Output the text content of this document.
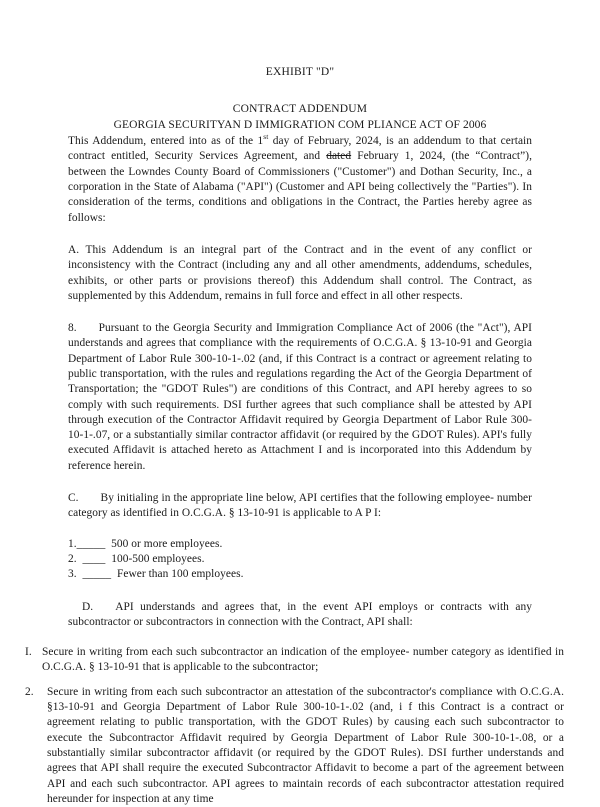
EXHIBIT "D"
CONTRACT ADDENDUM
GEORGIA SECURITYAN D IMMIGRATION COM PLIANCE ACT OF 2006

This Addendum, entered into as of the 1st day of February, 2024, is an addendum to that certain contract entitled, Security Services Agreement, and dated February 1, 2024, (the “Contract”), between the Lowndes County Board of Commissioners ("Customer") and Dothan Security, Inc., a corporation in the State of Alabama ("API") (Customer and API being collectively the "Parties"). In consideration of the terms, conditions and obligations in the Contract, the Parties hereby agree as follows:

A. This Addendum is an integral part of the Contract and in the event of any conflict or inconsistency with the Contract (including any and all other amendments, addendums, schedules, exhibits, or other parts or provisions thereof) this Addendum shall control. The Contract, as supplemented by this Addendum, remains in full force and effect in all other respects.

8. Pursuant to the Georgia Security and Immigration Compliance Act of 2006 (the "Act"), API understands and agrees that compliance with the requirements of O.C.G.A. § 13-10-91 and Georgia Department of Labor Rule 300-10-1-.02 (and, if this Contract is a contract or agreement relating to public transportation, with the rules and regulations regarding the Act of the Georgia Department of Transportation; the "GDOT Rules") are conditions of this Contract, and API hereby agrees to so comply with such requirements. DSI further agrees that such compliance shall be attested by API through execution of the Contractor Affidavit required by Georgia Department of Labor Rule 300-10-1-.07, or a substantially similar contractor affidavit (or required by the GDOT Rules). API's fully executed Affidavit is attached hereto as Attachment I and is incorporated into this Addendum by reference herein.

C. By initialing in the appropriate line below, API certifies that the following employee- number category as identified in O.C.G.A. § 13-10-91 is applicable to A P I:

1._____  500 or more employees.
2.  ____  100-500 employees.
3.  _____  Fewer than 100 employees.

D. API understands and agrees that, in the event API employs or contracts with any subcontractor or subcontractors in connection with the Contract, API shall:

I. Secure in writing from each such subcontractor an indication of the employee- number category as identified in O.C.G.A. § 13-10-91 that is applicable to the subcontractor;
2.	Secure in writing from each such subcontractor an attestation of the subcontractor's compliance with O.C.G.A. §13-10-91 and Georgia Department of Labor Rule 300-10-1-.02 (and, i f this Contract is a contract or agreement relating to public transportation, with the GDOT Rules) by causing each such subcontractor to execute the Subcontractor Affidavit required by Georgia Department of Labor Rule 300-10-1-.08, or a substantially similar subcontractor affidavit (or required by the GDOT Rules). DSI further understands and agrees that API shall require the executed Subcontractor Affidavit to become a part of the agreement between API and each such subcontractor. API agrees to maintain records of each subcontractor attestation required hereunder for inspection at any time
